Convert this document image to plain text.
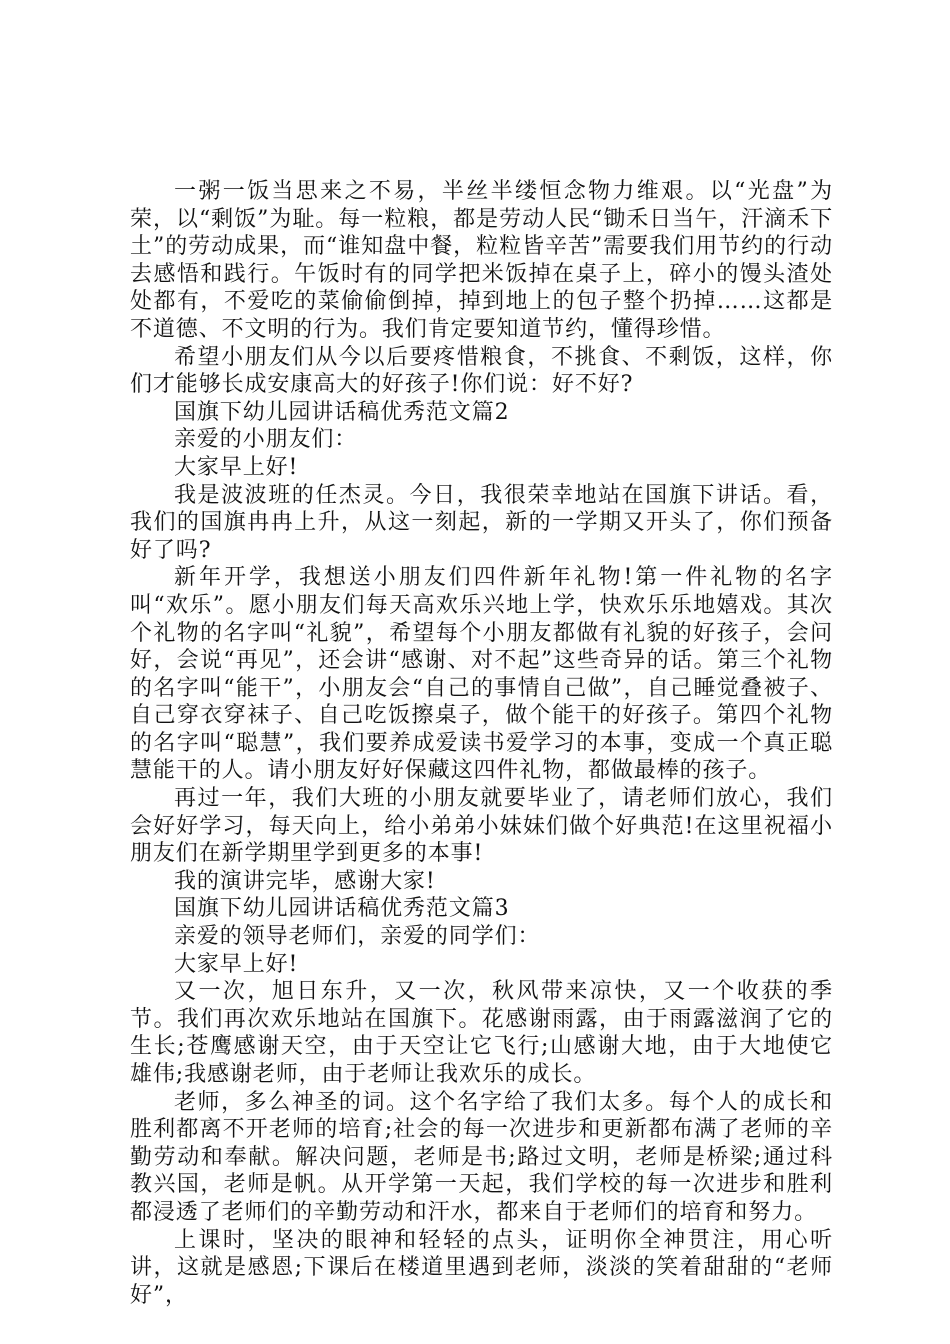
一粥一饭当思来之不易，半丝半缕恒念物力维艰。以“光盘”为荣，以“剩饭”为耻。每一粒粮，都是劳动人民“锄禾日当午，汗滴禾下土”的劳动成果，而“谁知盘中餐，粒粒皆辛苦”需要我们用节约的行动去感悟和践行。午饭时有的同学把米饭掉在桌子上，碎小的馒头渣处处都有，不爱吃的菜偷偷倒掉，掉到地上的包子整个扔掉……这都是不道德、不文明的行为。我们肯定要知道节约，懂得珍惜。

希望小朋友们从今以后要疼惜粮食，不挑食、不剩饭，这样，你们才能够长成安康高大的好孩子!你们说：好不好?

国旗下幼儿园讲话稿优秀范文篇2

亲爱的小朋友们：

大家早上好!

我是波波班的任杰灵。今日，我很荣幸地站在国旗下讲话。看，我们的国旗冉冉上升，从这一刻起，新的一学期又开头了，你们预备好了吗?

新年开学，我想送小朋友们四件新年礼物!第一件礼物的名字叫“欢乐”。愿小朋友们每天高欢乐兴地上学，快欢乐乐地嬉戏。其次个礼物的名字叫“礼貌”，希望每个小朋友都做有礼貌的好孩子，会问好，会说“再见”，还会讲“感谢、对不起”这些奇异的话。第三个礼物的名字叫“能干”，小朋友会“自己的事情自己做”，自己睡觉叠被子、自己穿衣穿袜子、自己吃饭擦桌子，做个能干的好孩子。第四个礼物的名字叫“聪慧”，我们要养成爱读书爱学习的本事，变成一个真正聪慧能干的人。请小朋友好好保藏这四件礼物，都做最棒的孩子。

再过一年，我们大班的小朋友就要毕业了，请老师们放心，我们会好好学习，每天向上，给小弟弟小妹妹们做个好典范!在这里祝福小朋友们在新学期里学到更多的本事!

我的演讲完毕，感谢大家!

国旗下幼儿园讲话稿优秀范文篇3

亲爱的领导老师们，亲爱的同学们：

大家早上好!

又一次，旭日东升，又一次，秋风带来凉快，又一个收获的季节。我们再次欢乐地站在国旗下。花感谢雨露，由于雨露滋润了它的生长;苍鹰感谢天空，由于天空让它飞行;山感谢大地，由于大地使它雄伟;我感谢老师，由于老师让我欢乐的成长。

老师，多么神圣的词。这个名字给了我们太多。每个人的成长和胜利都离不开老师的培育;社会的每一次进步和更新都布满了老师的辛勤劳动和奉献。解决问题，老师是书;路过文明，老师是桥梁;通过科教兴国，老师是帆。从开学第一天起，我们学校的每一次进步和胜利都浸透了老师们的辛勤劳动和汗水，都来自于老师们的培育和努力。

上课时，坚决的眼神和轻轻的点头，证明你全神贯注，用心听讲，这就是感恩;下课后在楼道里遇到老师，淡淡的笑着甜甜的“老师好”，
